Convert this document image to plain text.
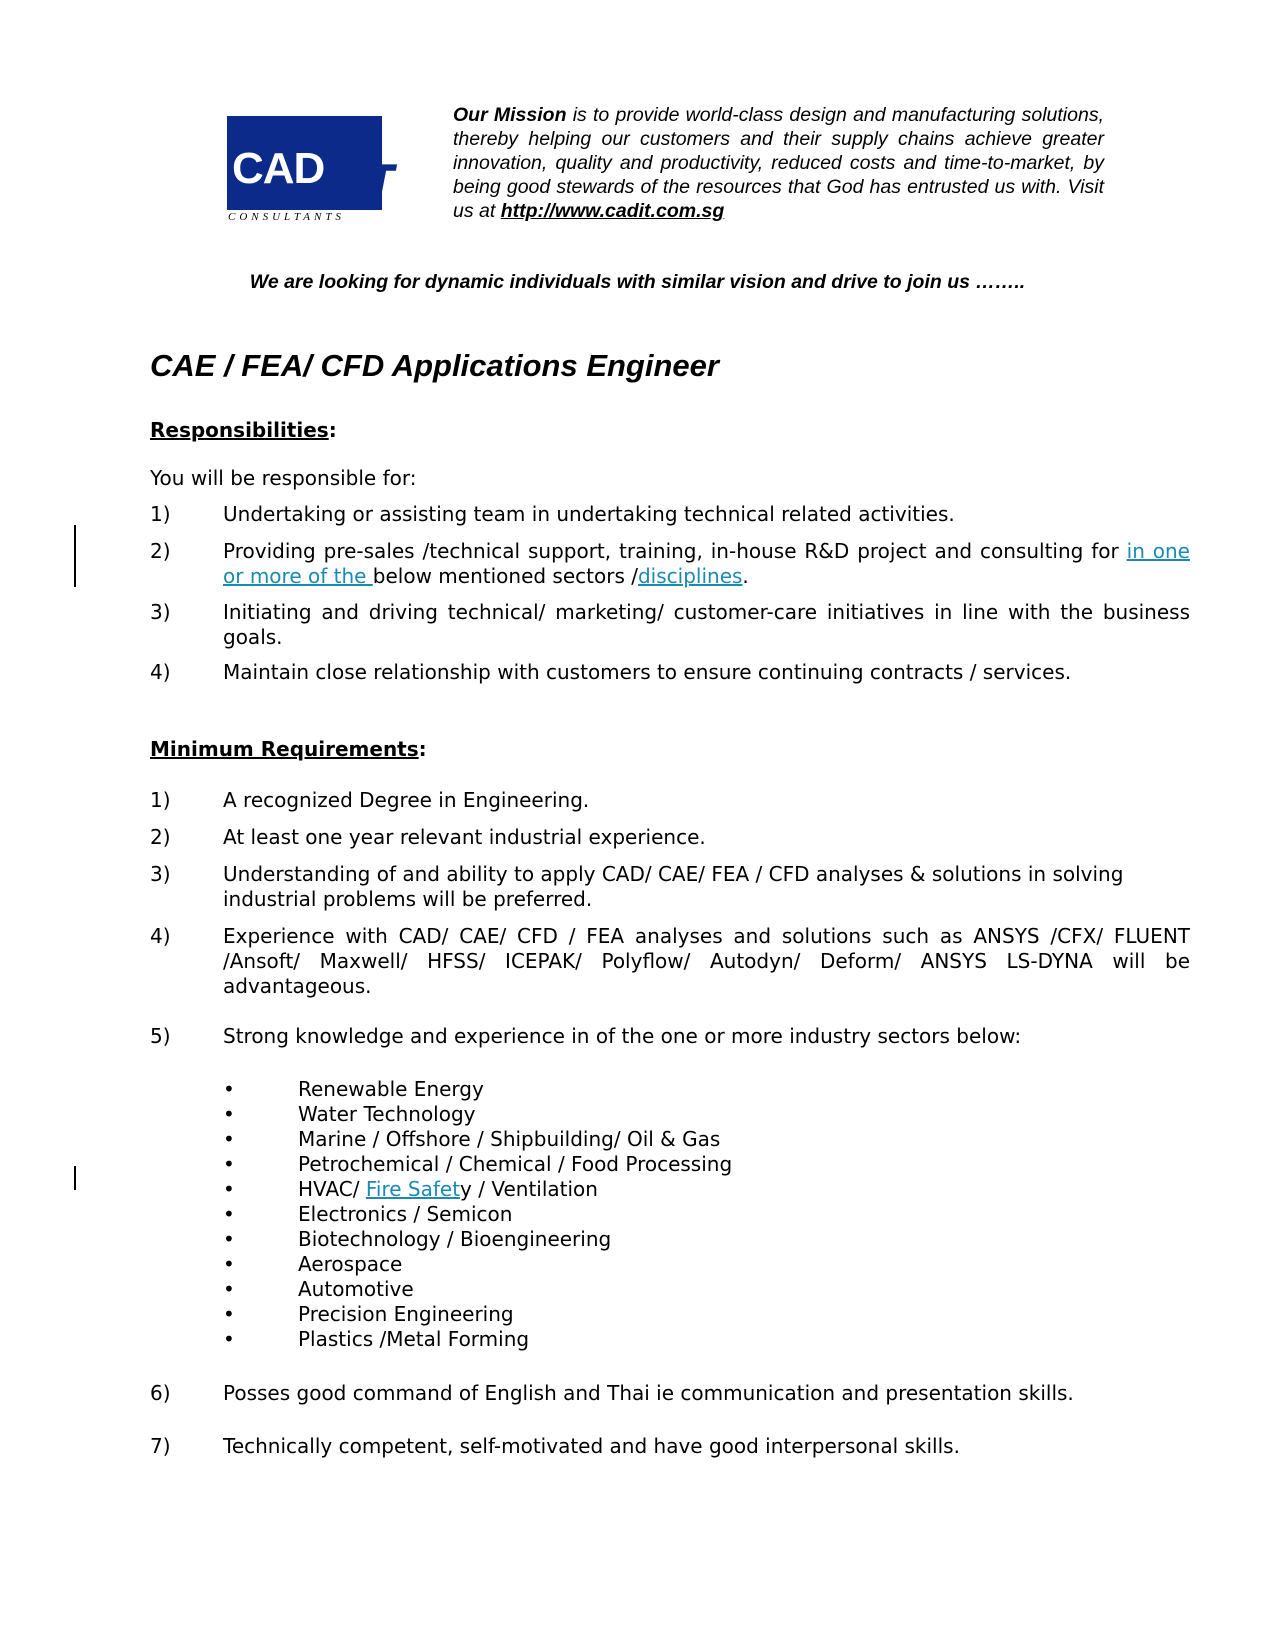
CAD IT
CONSULTANTS
Our Mission is to provide world-class design and manufacturing solutions, thereby helping our customers and their supply chains achieve greater innovation, quality and productivity, reduced costs and time-to-market, by being good stewards of the resources that God has entrusted us with. Visit us at http://www.cadit.com.sg
We are looking for dynamic individuals with similar vision and drive to join us ……..
CAE / FEA/ CFD Applications Engineer
Responsibilities:
You will be responsible for:
1)	Undertaking or assisting team in undertaking technical related activities.
2)	Providing pre-sales /technical support, training, in-house R&D project and consulting for in one or more of the below mentioned sectors /disciplines.
3)	Initiating and driving technical/ marketing/ customer-care initiatives in line with the business goals.
4)	Maintain close relationship with customers to ensure continuing contracts / services.
Minimum Requirements:
1)	A recognized Degree in Engineering.
2)	At least one year relevant industrial experience.
3)	Understanding of and ability to apply CAD/ CAE/ FEA / CFD analyses & solutions in solving industrial problems will be preferred.
4)	Experience with CAD/ CAE/ CFD / FEA analyses and solutions such as ANSYS /CFX/ FLUENT /Ansoft/ Maxwell/ HFSS/ ICEPAK/ Polyflow/ Autodyn/ Deform/ ANSYS LS-DYNA will be advantageous.
5)	Strong knowledge and experience in of the one or more industry sectors below:
•	Renewable Energy
•	Water Technology
•	Marine / Offshore / Shipbuilding/ Oil & Gas
•	Petrochemical / Chemical / Food Processing
•	HVAC/ Fire Safety / Ventilation
•	Electronics / Semicon
•	Biotechnology / Bioengineering
•	Aerospace
•	Automotive
•	Precision Engineering
•	Plastics /Metal Forming
6)	Posses good command of English and Thai ie communication and presentation skills.
7)	Technically competent, self-motivated and have good interpersonal skills.
